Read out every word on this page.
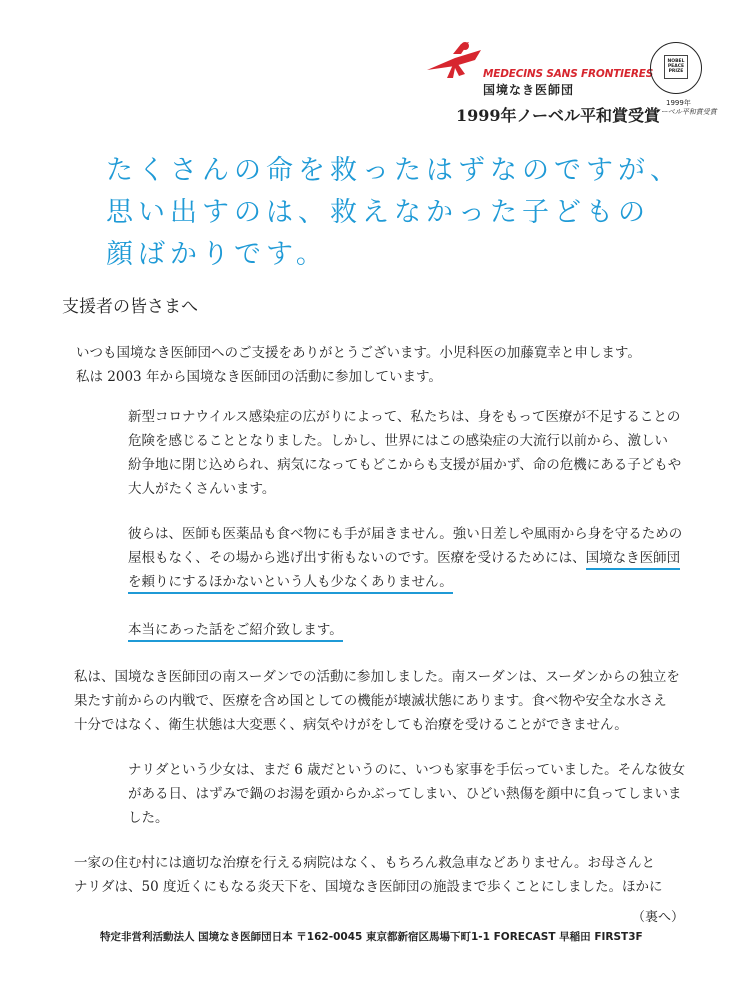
MEDECINS SANS FRONTIERES
国境なき医師団
NOBEL PEACE PRIZE
1999年
ノーベル平和賞受賞
1999年ノーベル平和賞受賞
たくさんの命を救ったはずなのですが、
思い出すのは、救えなかった子どもの
顔ばかりです。
支援者の皆さまへ
いつも国境なき医師団へのご支援をありがとうございます。小児科医の加藤寛幸と申します。
私は 2003 年から国境なき医師団の活動に参加しています。
新型コロナウイルス感染症の広がりによって、私たちは、身をもって医療が不足することの
危険を感じることとなりました。しかし、世界にはこの感染症の大流行以前から、激しい
紛争地に閉じ込められ、病気になってもどこからも支援が届かず、命の危機にある子どもや
大人がたくさんいます。
彼らは、医師も医薬品も食べ物にも手が届きません。強い日差しや風雨から身を守るための
屋根もなく、その場から逃げ出す術もないのです。医療を受けるためには、国境なき医師団
を頼りにするほかないという人も少なくありません。
本当にあった話をご紹介致します。
私は、国境なき医師団の南スーダンでの活動に参加しました。南スーダンは、スーダンからの独立を
果たす前からの内戦で、医療を含め国としての機能が壊滅状態にあります。食べ物や安全な水さえ
十分ではなく、衛生状態は大変悪く、病気やけがをしても治療を受けることができません。
ナリダという少女は、まだ 6 歳だというのに、いつも家事を手伝っていました。そんな彼女
がある日、はずみで鍋のお湯を頭からかぶってしまい、ひどい熱傷を顔中に負ってしまいま
した。
一家の住む村には適切な治療を行える病院はなく、もちろん救急車などありません。お母さんと
ナリダは、50 度近くにもなる炎天下を、国境なき医師団の施設まで歩くことにしました。ほかに
（裏へ）
特定非営利活動法人 国境なき医師団日本 〒162-0045 東京都新宿区馬場下町1-1 FORECAST 早稲田 FIRST3F
